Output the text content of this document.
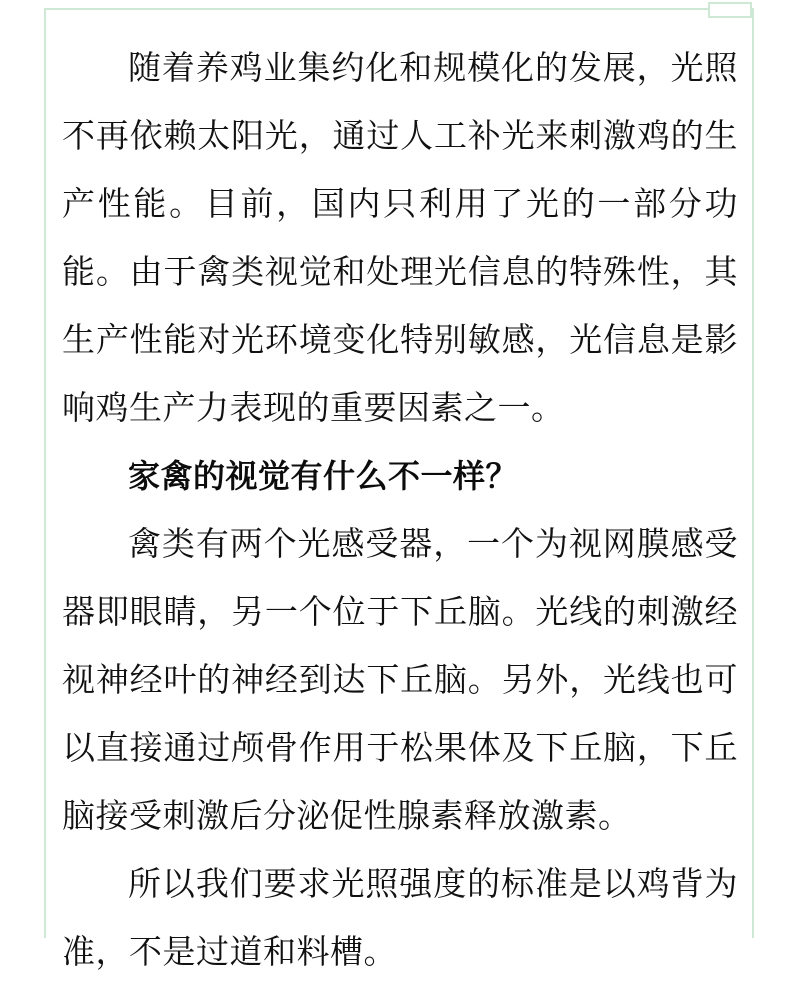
随着养鸡业集约化和规模化的发展，光照不再依赖太阳光，通过人工补光来刺激鸡的生产性能。目前，国内只利用了光的一部分功能。由于禽类视觉和处理光信息的特殊性，其生产性能对光环境变化特别敏感，光信息是影响鸡生产力表现的重要因素之一。

家禽的视觉有什么不一样？

禽类有两个光感受器，一个为视网膜感受器即眼睛，另一个位于下丘脑。光线的刺激经视神经叶的神经到达下丘脑。另外，光线也可以直接通过颅骨作用于松果体及下丘脑，下丘脑接受刺激后分泌促性腺素释放激素。

所以我们要求光照强度的标准是以鸡背为准，不是过道和料槽。
